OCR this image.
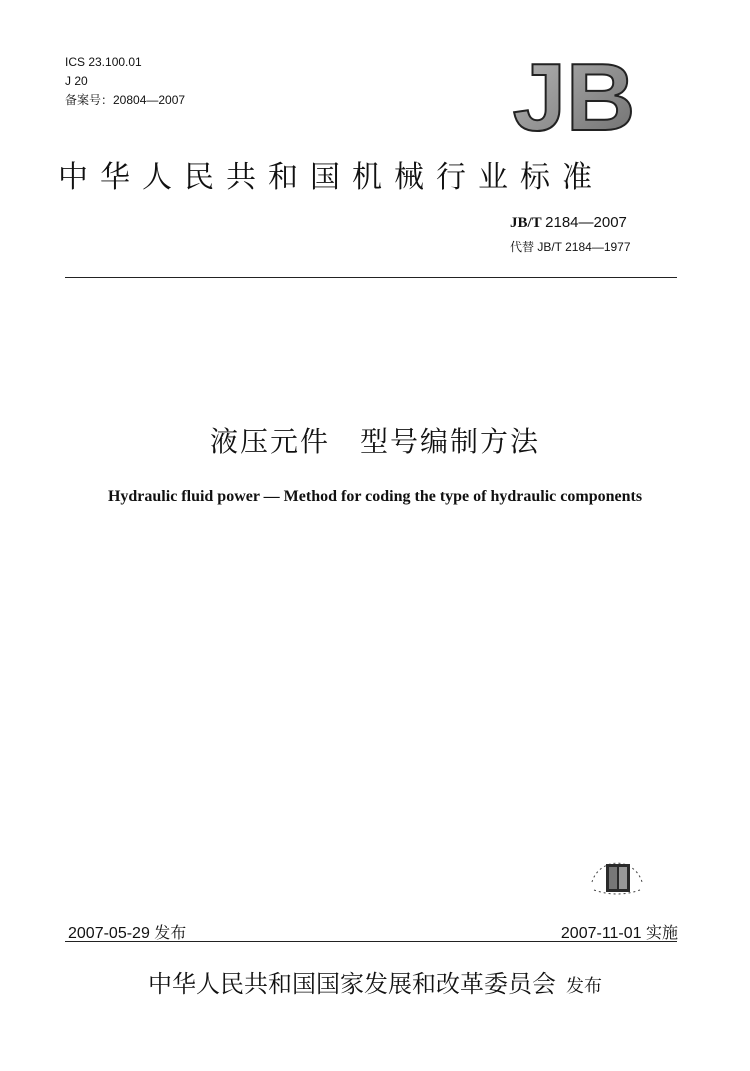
ICS 23.100.01
J 20
备案号：20804—2007	JB
中华人民共和国机械行业标准
JB/T 2184—2007
代替 JB/T 2184—1977
液压元件　型号编制方法
Hydraulic fluid power — Method for coding the type of hydraulic components
2007-05-29 发布	2007-11-01 实施
中华人民共和国国家发展和改革委员会 发布
